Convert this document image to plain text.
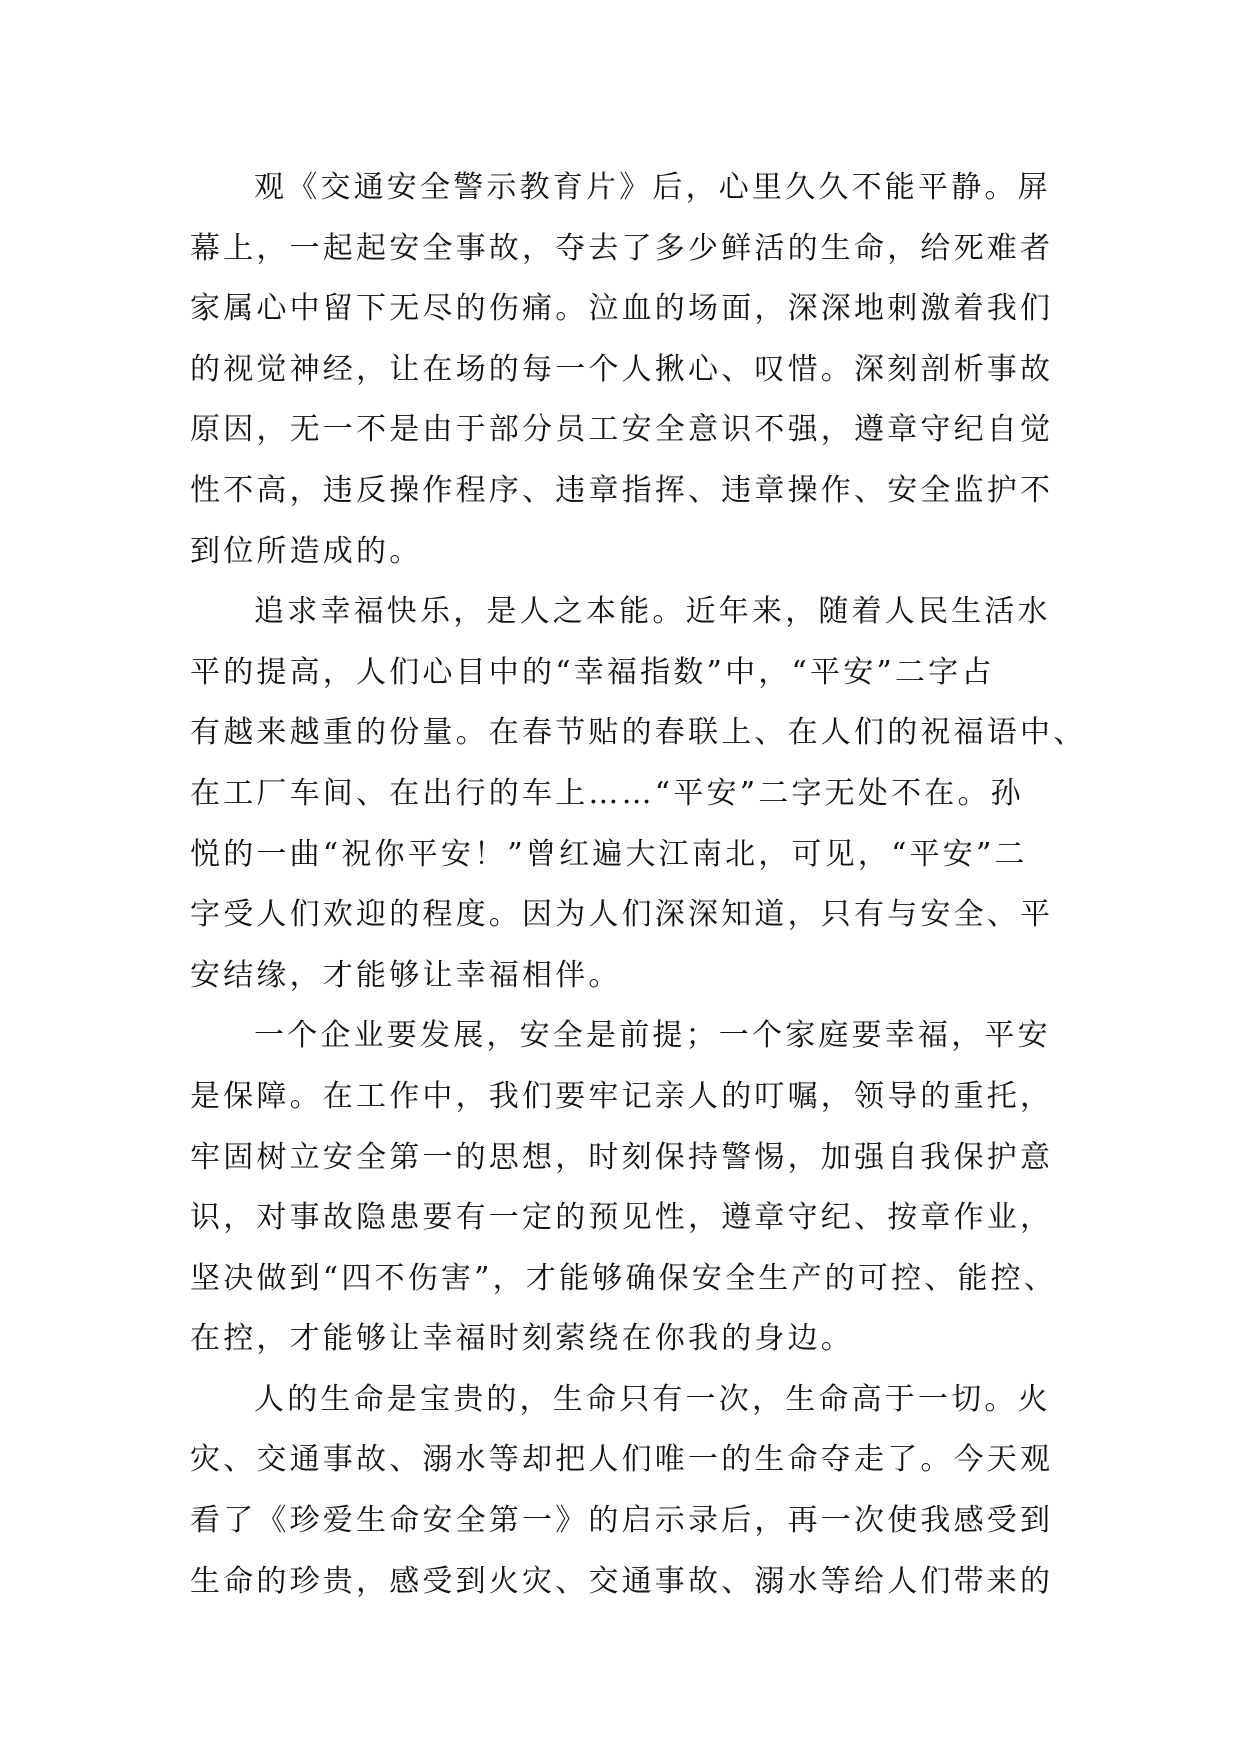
观《交通安全警示教育片》后，心里久久不能平静。屏
幕上，一起起安全事故，夺去了多少鲜活的生命，给死难者
家属心中留下无尽的伤痛。泣血的场面，深深地刺激着我们
的视觉神经，让在场的每一个人揪心、叹惜。深刻剖析事故
原因，无一不是由于部分员工安全意识不强，遵章守纪自觉
性不高，违反操作程序、违章指挥、违章操作、安全监护不
到位所造成的。
追求幸福快乐，是人之本能。近年来，随着人民生活水
平的提高，人们心目中的“幸福指数”中，“平安”二字占
有越来越重的份量。在春节贴的春联上、在人们的祝福语中、
在工厂车间、在出行的车上……“平安”二字无处不在。孙
悦的一曲“祝你平安！”曾红遍大江南北，可见，“平安”二
字受人们欢迎的程度。因为人们深深知道，只有与安全、平
安结缘，才能够让幸福相伴。
一个企业要发展，安全是前提；一个家庭要幸福，平安
是保障。在工作中，我们要牢记亲人的叮嘱，领导的重托，
牢固树立安全第一的思想，时刻保持警惕，加强自我保护意
识，对事故隐患要有一定的预见性，遵章守纪、按章作业，
坚决做到“四不伤害”，才能够确保安全生产的可控、能控、
在控，才能够让幸福时刻萦绕在你我的身边。
人的生命是宝贵的，生命只有一次，生命高于一切。火
灾、交通事故、溺水等却把人们唯一的生命夺走了。今天观
看了《珍爱生命安全第一》的启示录后，再一次使我感受到
生命的珍贵，感受到火灾、交通事故、溺水等给人们带来的
